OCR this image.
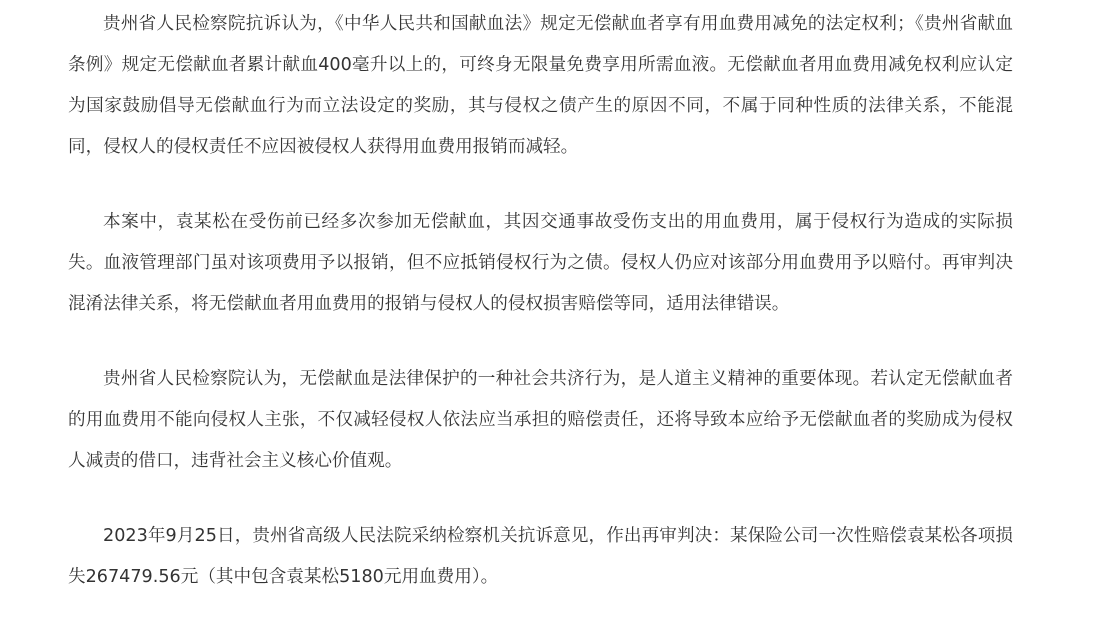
贵州省人民检察院抗诉认为，《中华人民共和国献血法》规定无偿献血者享有用血费用减免的法定权利；《贵州省献血条例》规定无偿献血者累计献血400毫升以上的，可终身无限量免费享用所需血液。无偿献血者用血费用减免权利应认定为国家鼓励倡导无偿献血行为而立法设定的奖励，其与侵权之债产生的原因不同，不属于同种性质的法律关系，不能混同，侵权人的侵权责任不应因被侵权人获得用血费用报销而减轻。

本案中，袁某松在受伤前已经多次参加无偿献血，其因交通事故受伤支出的用血费用，属于侵权行为造成的实际损失。血液管理部门虽对该项费用予以报销，但不应抵销侵权行为之债。侵权人仍应对该部分用血费用予以赔付。再审判决混淆法律关系，将无偿献血者用血费用的报销与侵权人的侵权损害赔偿等同，适用法律错误。

贵州省人民检察院认为，无偿献血是法律保护的一种社会共济行为，是人道主义精神的重要体现。若认定无偿献血者的用血费用不能向侵权人主张，不仅减轻侵权人依法应当承担的赔偿责任，还将导致本应给予无偿献血者的奖励成为侵权人减责的借口，违背社会主义核心价值观。

2023年9月25日，贵州省高级人民法院采纳检察机关抗诉意见，作出再审判决：某保险公司一次性赔偿袁某松各项损失267479.56元（其中包含袁某松5180元用血费用）。
